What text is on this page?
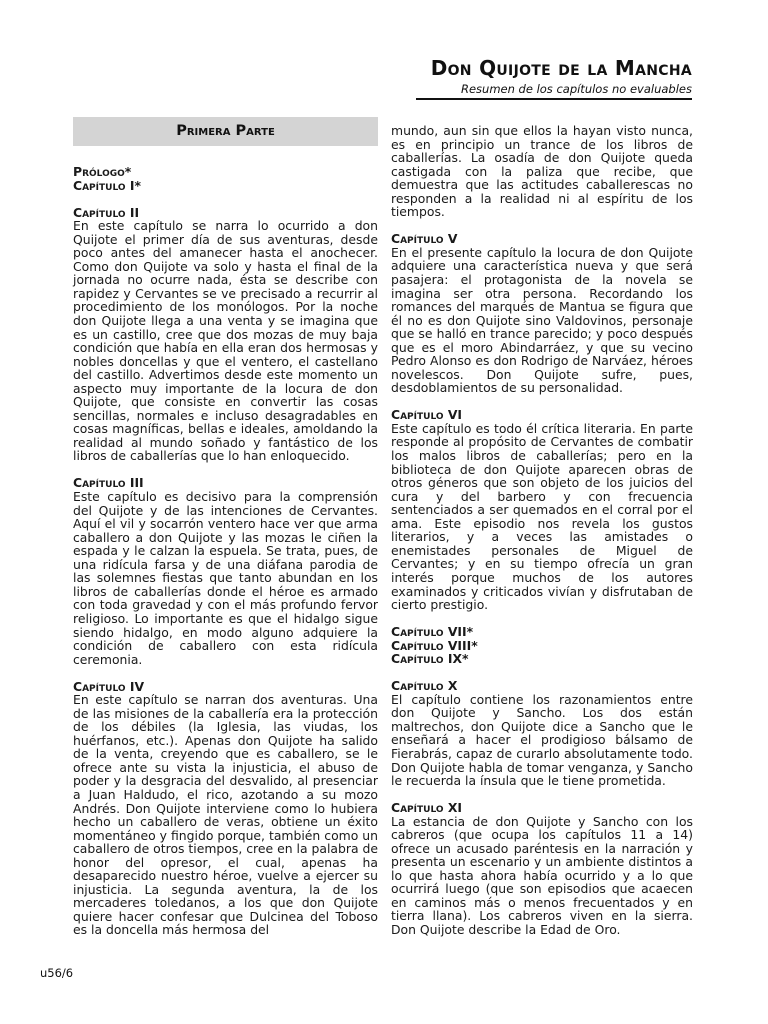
Don Quijote de la Mancha
Resumen de los capítulos no evaluables
Primera Parte
Prólogo*
Capítulo I*
Capítulo II

En este capítulo se narra lo ocurrido a don Quijote el primer día de sus aventuras, desde poco antes del amanecer hasta el anochecer. Como don Quijote va solo y hasta el final de la jornada no ocurre nada, ésta se describe con rapidez y Cervantes se ve precisado a recurrir al procedimiento de los monólogos. Por la noche don Quijote llega a una venta y se imagina que es un castillo, cree que dos mozas de muy baja condición que había en ella eran dos hermosas y nobles doncellas y que el ventero, el castellano del castillo. Advertimos desde este momento un aspecto muy importante de la locura de don Quijote, que consiste en convertir las cosas sencillas, normales e incluso desagradables en cosas magníficas, bellas e ideales, amoldando la realidad al mundo soñado y fantástico de los libros de caballerías que lo han enloquecido.

Capítulo III

Este capítulo es decisivo para la comprensión del Quijote y de las intenciones de Cervantes. Aquí el vil y socarrón ventero hace ver que arma caballero a don Quijote y las mozas le ciñen la espada y le calzan la espuela. Se trata, pues, de una ridícula farsa y de una diáfana parodia de las solemnes fiestas que tanto abundan en los libros de caballerías donde el héroe es armado con toda gravedad y con el más profundo fervor religioso. Lo importante es que el hidalgo sigue siendo hidalgo, en modo alguno adquiere la condición de caballero con esta ridícula ceremonia.

Capítulo IV

En este capítulo se narran dos aventuras. Una de las misiones de la caballería era la protección de los débiles (la Iglesia, las viudas, los huérfanos, etc.). Apenas don Quijote ha salido de la venta, creyendo que es caballero, se le ofrece ante su vista la injusticia, el abuso de poder y la desgracia del desvalido, al presenciar a Juan Haldudo, el rico, azotando a su mozo Andrés. Don Quijote interviene como lo hubiera hecho un caballero de veras, obtiene un éxito momentáneo y fingido porque, también como un caballero de otros tiempos, cree en la palabra de honor del opresor, el cual, apenas ha desaparecido nuestro héroe, vuelve a ejercer su injusticia. La segunda aventura, la de los mercaderes toledanos, a los que don Quijote quiere hacer confesar que Dulcinea del Toboso es la doncella más hermosa del

mundo, aun sin que ellos la hayan visto nunca, es en principio un trance de los libros de caballerías. La osadía de don Quijote queda castigada con la paliza que recibe, que demuestra que las actitudes caballerescas no responden a la realidad ni al espíritu de los tiempos.

Capítulo V

En el presente capítulo la locura de don Quijote adquiere una característica nueva y que será pasajera: el protagonista de la novela se imagina ser otra persona. Recordando los romances del marqués de Mantua se figura que él no es don Quijote sino Valdovinos, personaje que se halló en trance parecido; y poco después que es el moro Abindarráez, y que su vecino Pedro Alonso es don Rodrigo de Narváez, héroes novelescos. Don Quijote sufre, pues, desdoblamientos de su personalidad.

Capítulo VI

Este capítulo es todo él crítica literaria. En parte responde al propósito de Cervantes de combatir los malos libros de caballerías; pero en la biblioteca de don Quijote aparecen obras de otros géneros que son objeto de los juicios del cura y del barbero y con frecuencia sentenciados a ser quemados en el corral por el ama. Este episodio nos revela los gustos literarios, y a veces las amistades o enemistades personales de Miguel de Cervantes; y en su tiempo ofrecía un gran interés porque muchos de los autores examinados y criticados vivían y disfrutaban de cierto prestigio.

Capítulo VII*
Capítulo VIII*
Capítulo IX*
Capítulo X

El capítulo contiene los razonamientos entre don Quijote y Sancho. Los dos están maltrechos, don Quijote dice a Sancho que le enseñará a hacer el prodigioso bálsamo de Fierabrás, capaz de curarlo absolutamente todo. Don Quijote habla de tomar venganza, y Sancho le recuerda la ínsula que le tiene prometida.

Capítulo XI

La estancia de don Quijote y Sancho con los cabreros (que ocupa los capítulos 11 a 14) ofrece un acusado paréntesis en la narración y presenta un escenario y un ambiente distintos a lo que hasta ahora había ocurrido y a lo que ocurrirá luego (que son episodios que acaecen en caminos más o menos frecuentados y en tierra llana). Los cabreros viven en la sierra. Don Quijote describe la Edad de Oro.

u56/6
